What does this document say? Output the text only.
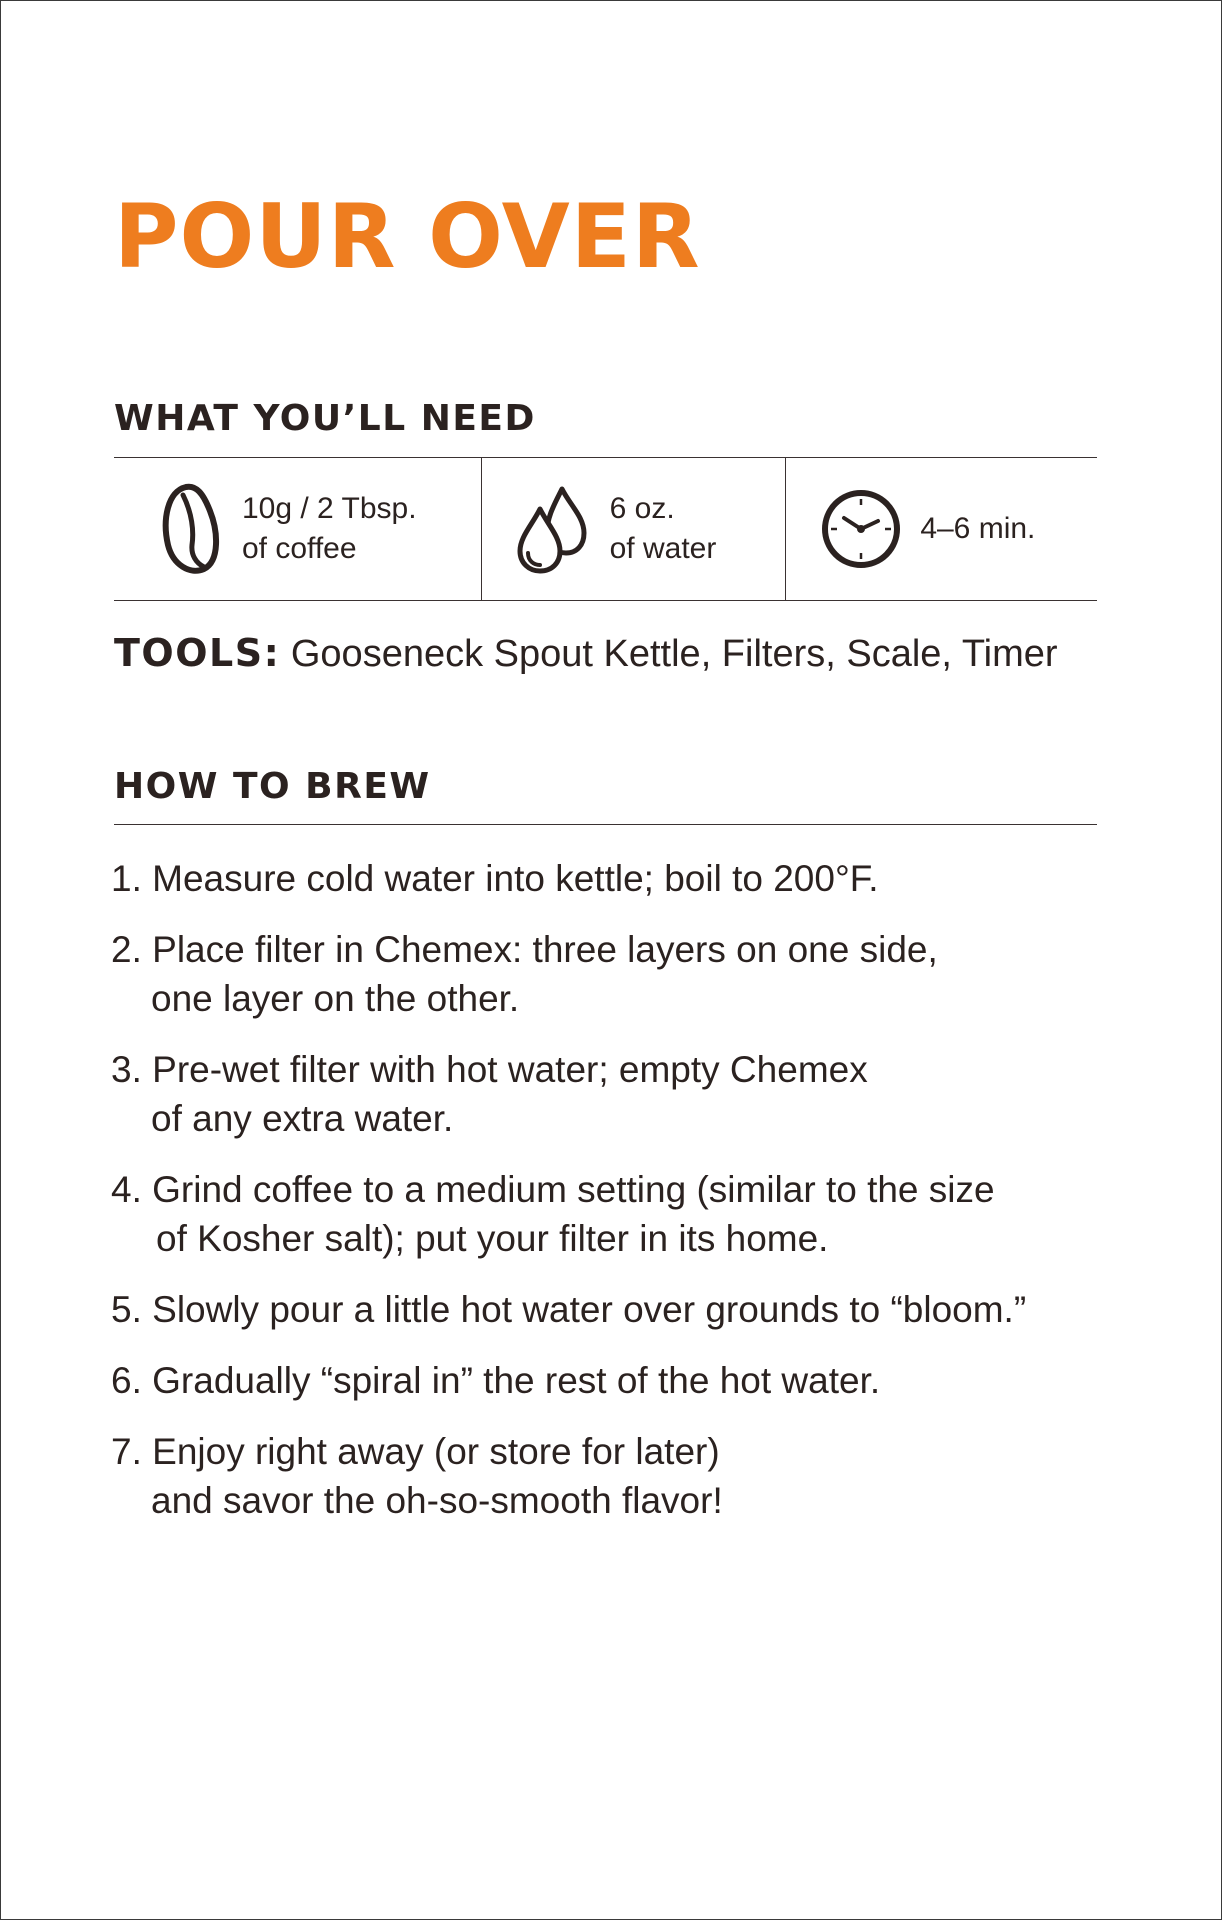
POUR OVER
WHAT YOU’LL NEED
10g / 2 Tbsp.
of coffee
6 oz.
of water
4–6 min.

TOOLS: Gooseneck Spout Kettle, Filters, Scale, Timer

HOW TO BREW
1. Measure cold water into kettle; boil to 200°F.
2. Place filter in Chemex: three layers on one side,
one layer on the other.
3. Pre-wet filter with hot water; empty Chemex
of any extra water.
4. Grind coffee to a medium setting (similar to the size
of Kosher salt); put your filter in its home.
5. Slowly pour a little hot water over grounds to “bloom.”
6. Gradually “spiral in” the rest of the hot water.
7. Enjoy right away (or store for later)
and savor the oh-so-smooth flavor!
